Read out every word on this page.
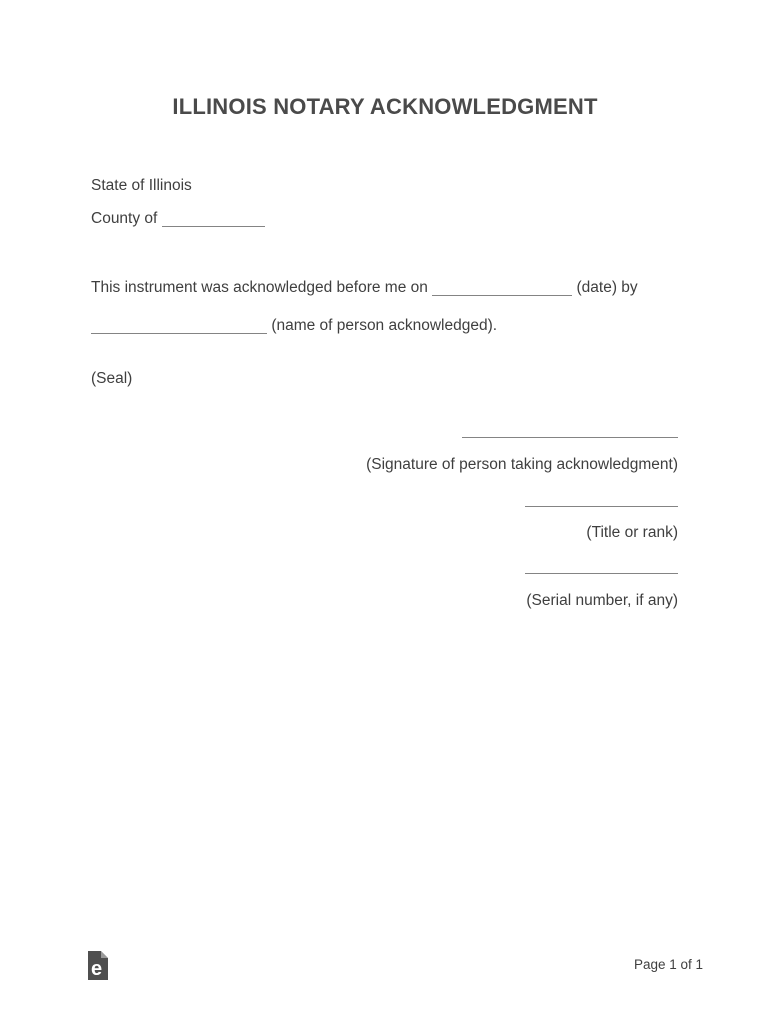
ILLINOIS NOTARY ACKNOWLEDGMENT
State of Illinois
County of
This instrument was acknowledged before me on	(date) by
(name of person acknowledged).
(Seal)
(Signature of person taking acknowledgment)
(Title or rank)
(Serial number, if any)
e	Page 1 of 1
